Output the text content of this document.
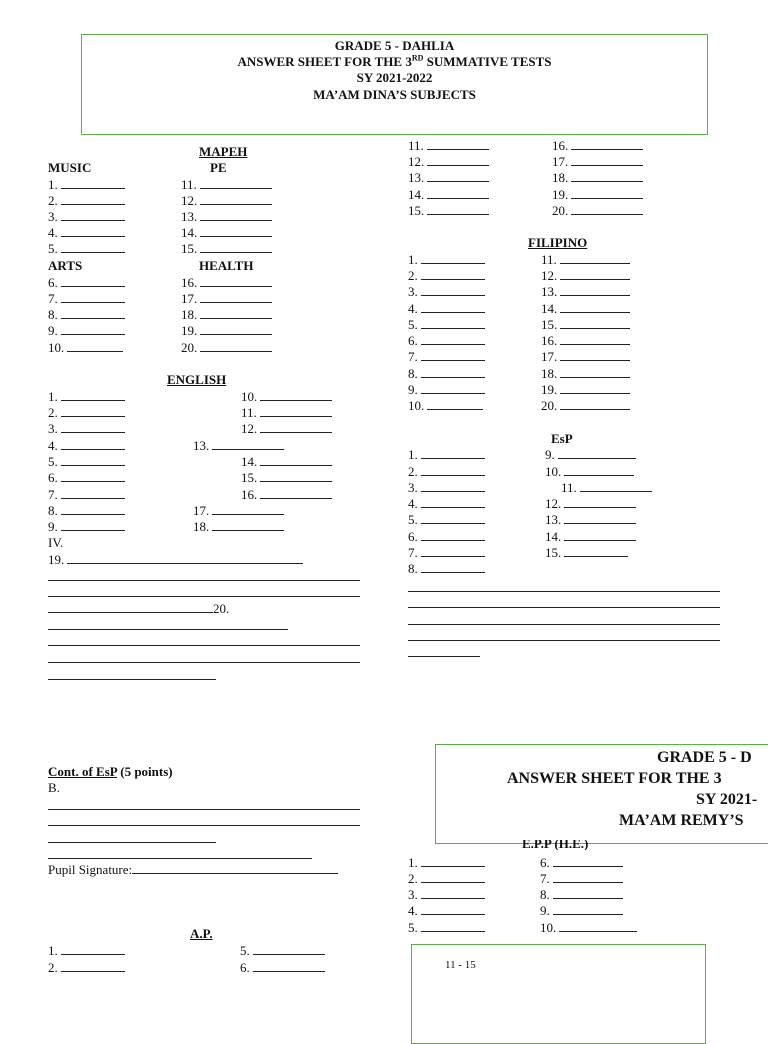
GRADE 5 - DAHLIA
ANSWER SHEET FOR THE 3RD SUMMATIVE TESTS
SY 2021-2022
MA’AM DINA’S SUBJECTS
MAPEH
MUSIC	PE
1.
2.
3.
4.
5.
11.
12.
13.
14.
15.
ARTS	HEALTH
6.
7.
8.
9.
10.
16.
17.
18.
19.
20.
ENGLISH
1.
2.
3.
4.
5.
6.
7.
8.
9.
10.
11.
12.
13.
14.
15.
16.
17.
18.
IV.
19.
20.
11.
12.
13.
14.
15.
16.
17.
18.
19.
20.
FILIPINO
1.
2.
3.
4.
5.
6.
7.
8.
9.
10.
11.
12.
13.
14.
15.
16.
17.
18.
19.
20.
EsP
1.
2.
3.
4.
5.
6.
7.
8.
9.
10.
11.
12.
13.
14.
15.
Cont. of EsP (5 points)
B.
Pupil Signature:
A.P.
1.
2.
5.
6.
GRADE 5 - D
ANSWER SHEET FOR THE 3
SY 2021-
MA’AM REMY’S
E.P.P (H.E.)
1.
2.
3.
4.
5.
6.
7.
8.
9.
10.
11 - 15
